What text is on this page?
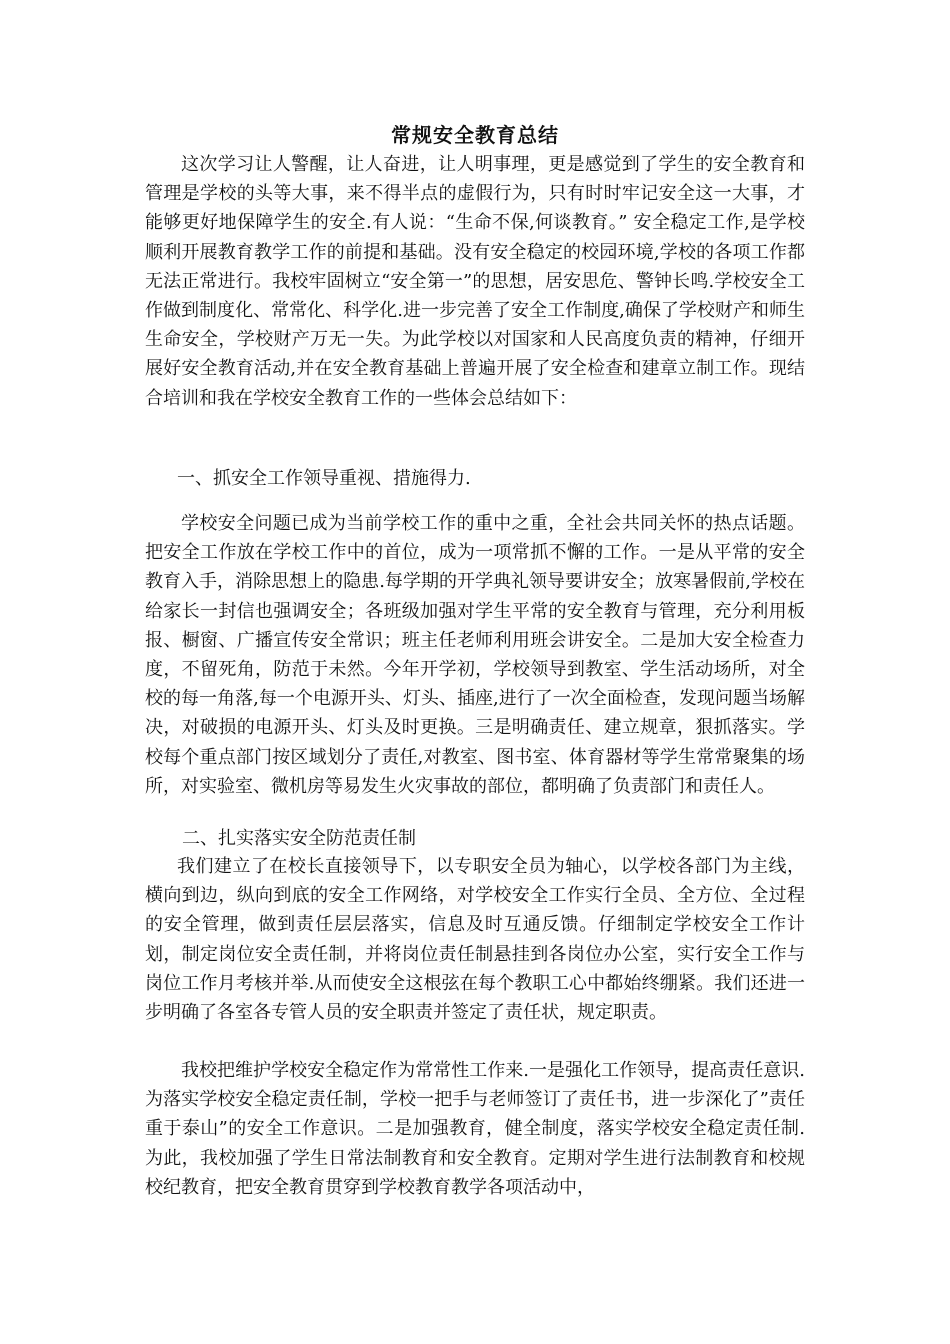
常规安全教育总结

这次学习让人警醒，让人奋进，让人明事理，更是感觉到了学生的安全教育和管理是学校的头等大事，来不得半点的虚假行为，只有时时牢记安全这一大事，才能够更好地保障学生的安全.有人说：“生命不保,何谈教育。” 安全稳定工作,是学校顺利开展教育教学工作的前提和基础。没有安全稳定的校园环境,学校的各项工作都无法正常进行。我校牢固树立“安全第一”的思想，居安思危、警钟长鸣.学校安全工作做到制度化、常常化、科学化.进一步完善了安全工作制度,确保了学校财产和师生生命安全，学校财产万无一失。为此学校以对国家和人民高度负责的精神，仔细开展好安全教育活动,并在安全教育基础上普遍开展了安全检查和建章立制工作。现结合培训和我在学校安全教育工作的一些体会总结如下：

一、抓安全工作领导重视、措施得力.

学校安全问题已成为当前学校工作的重中之重，全社会共同关怀的热点话题。把安全工作放在学校工作中的首位，成为一项常抓不懈的工作。一是从平常的安全教育入手，消除思想上的隐患.每学期的开学典礼领导要讲安全；放寒暑假前,学校在给家长一封信也强调安全；各班级加强对学生平常的安全教育与管理，充分利用板报、橱窗、广播宣传安全常识；班主任老师利用班会讲安全。二是加大安全检查力度，不留死角，防范于未然。今年开学初，学校领导到教室、学生活动场所，对全校的每一角落,每一个电源开头、灯头、插座,进行了一次全面检查，发现问题当场解决，对破损的电源开头、灯头及时更换。三是明确责任、建立规章，狠抓落实。学校每个重点部门按区域划分了责任,对教室、图书室、体育器材等学生常常聚集的场所，对实验室、微机房等易发生火灾事故的部位，都明确了负责部门和责任人。

二、扎实落实安全防范责任制

我们建立了在校长直接领导下，以专职安全员为轴心，以学校各部门为主线，横向到边，纵向到底的安全工作网络，对学校安全工作实行全员、全方位、全过程的安全管理，做到责任层层落实，信息及时互通反馈。仔细制定学校安全工作计划，制定岗位安全责任制，并将岗位责任制悬挂到各岗位办公室，实行安全工作与岗位工作月考核并举.从而使安全这根弦在每个教职工心中都始终绷紧。我们还进一步明确了各室各专管人员的安全职责并签定了责任状，规定职责。

我校把维护学校安全稳定作为常常性工作来.一是强化工作领导，提高责任意识.为落实学校安全稳定责任制，学校一把手与老师签订了责任书，进一步深化了”责任重于泰山”的安全工作意识。二是加强教育，健全制度，落实学校安全稳定责任制.为此，我校加强了学生日常法制教育和安全教育。定期对学生进行法制教育和校规校纪教育，把安全教育贯穿到学校教育教学各项活动中，
